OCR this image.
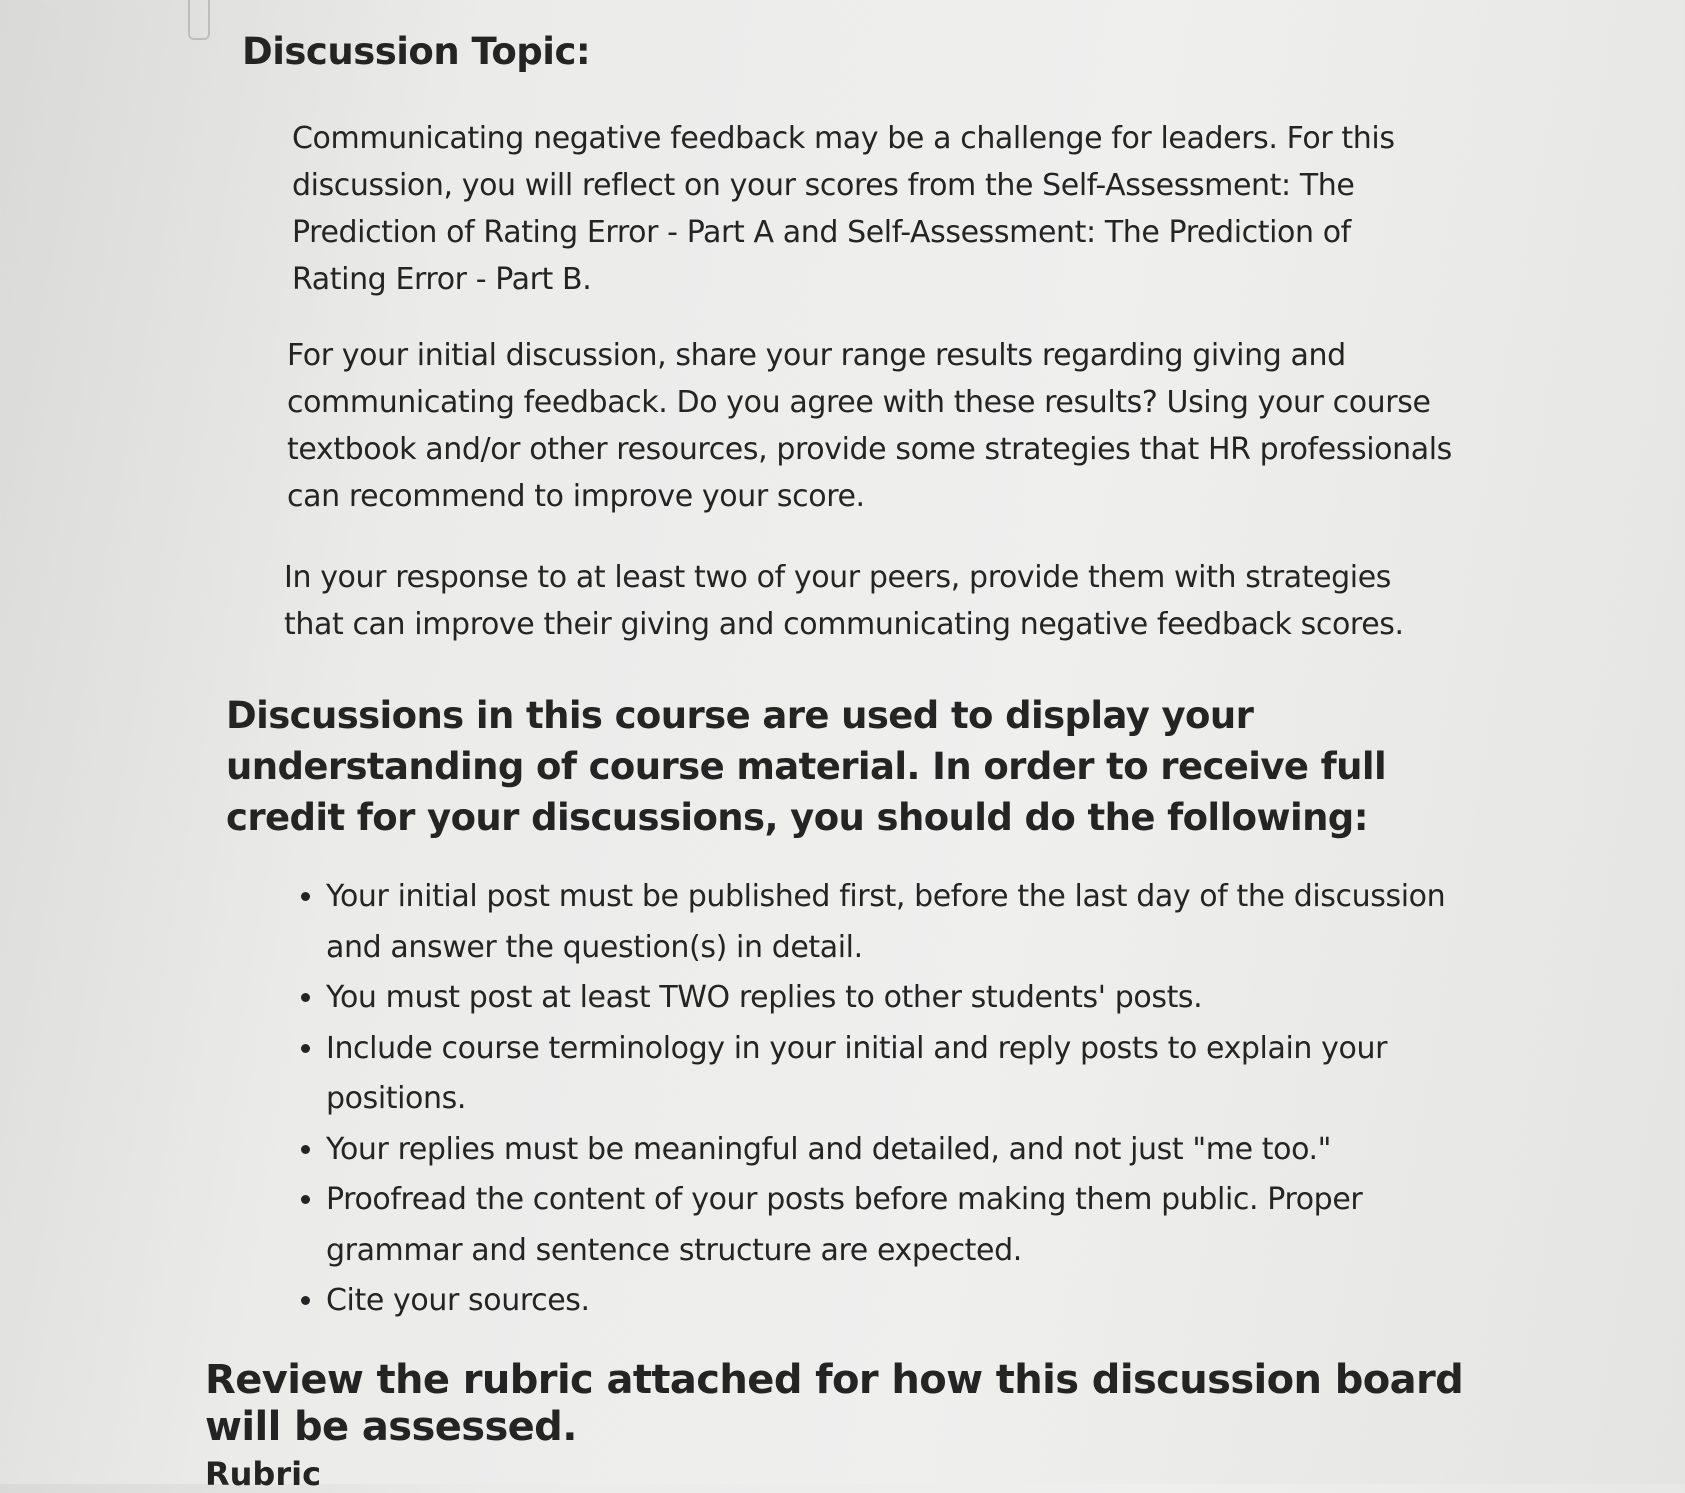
Discussion Topic:

Communicating negative feedback may be a challenge for leaders. For this discussion, you will reflect on your scores from the Self-Assessment: The Prediction of Rating Error - Part A and Self-Assessment: The Prediction of Rating Error - Part B.

For your initial discussion, share your range results regarding giving and communicating feedback. Do you agree with these results? Using your course textbook and/or other resources, provide some strategies that HR professionals can recommend to improve your score.

In your response to at least two of your peers, provide them with strategies that can improve their giving and communicating negative feedback scores.

Discussions in this course are used to display your understanding of course material. In order to receive full credit for your discussions, you should do the following:
• Your initial post must be published first, before the last day of the discussion and answer the question(s) in detail.
• You must post at least TWO replies to other students' posts.
• Include course terminology in your initial and reply posts to explain your positions.
• Your replies must be meaningful and detailed, and not just "me too."
• Proofread the content of your posts before making them public. Proper grammar and sentence structure are expected.
• Cite your sources.
Review the rubric attached for how this discussion board will be assessed.
Rubric
